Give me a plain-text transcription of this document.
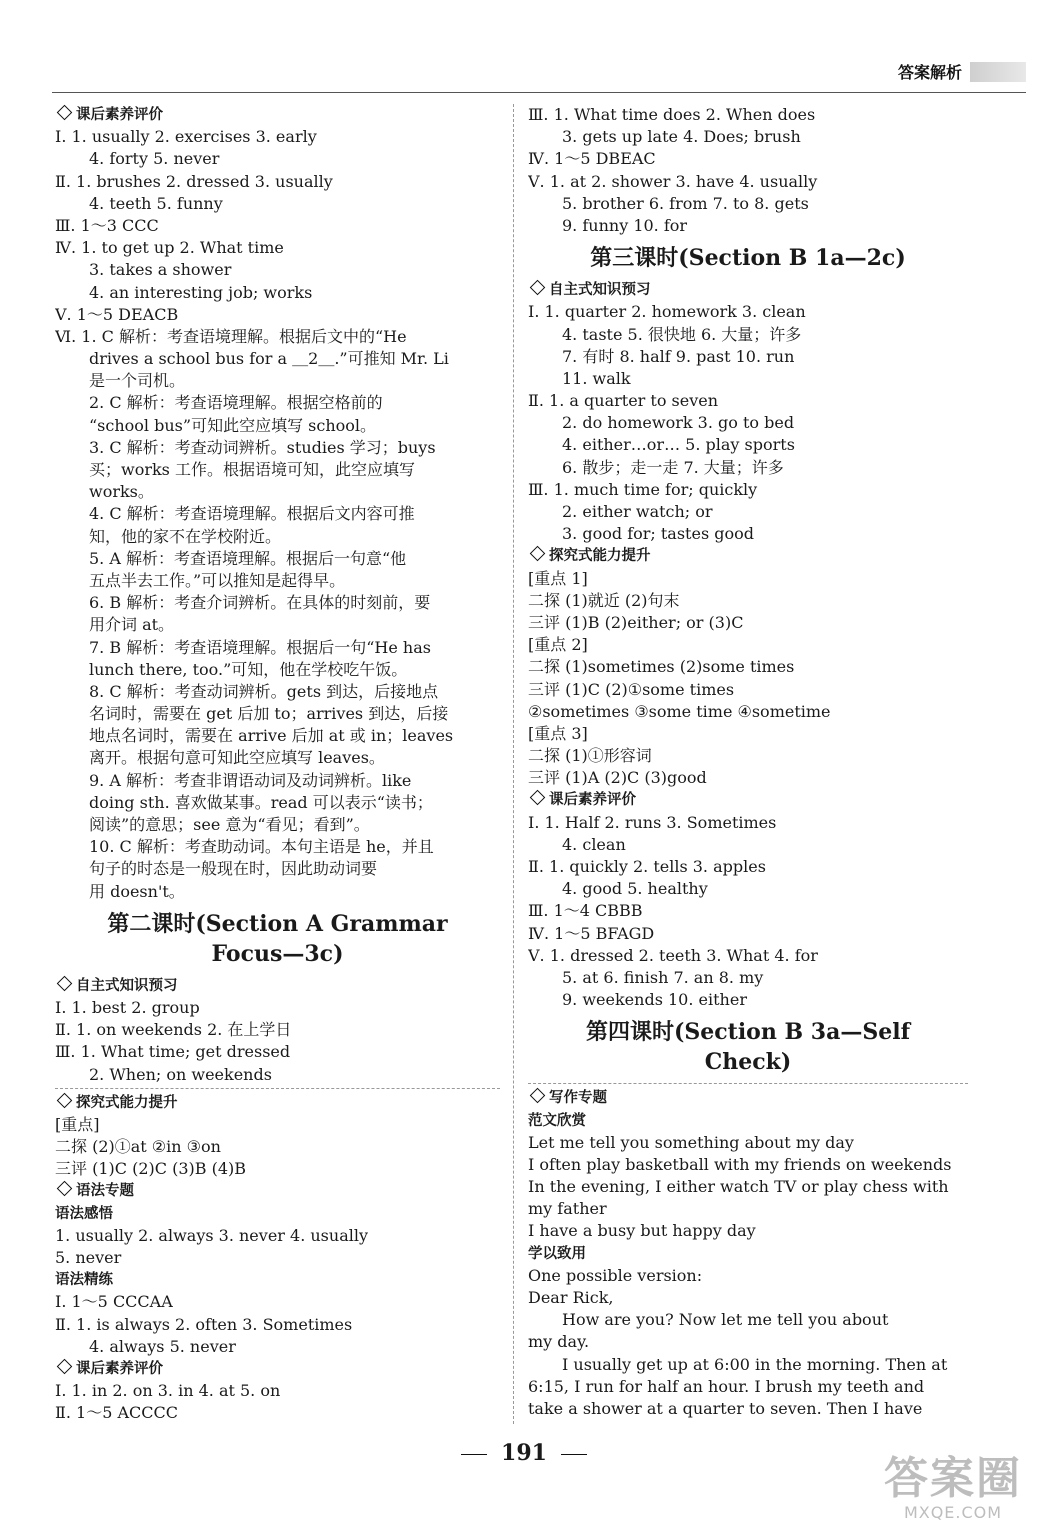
答案解析
课后素养评价
Ⅰ. 1. usually 2. exercises 3. early
4. forty 5. never
Ⅱ. 1. brushes 2. dressed 3. usually
4. teeth 5. funny
Ⅲ. 1～3 CCC
Ⅳ. 1. to get up 2. What time
3. takes a shower
4. an interesting job; works
Ⅴ. 1～5 DEACB
Ⅵ. 1. C 解析：考查语境理解。根据后文中的“He
drives a school bus for a ＿2＿.”可推知 Mr. Li
是一个司机。
2. C 解析：考查语境理解。根据空格前的
“school bus”可知此空应填写 school。
3. C 解析：考查动词辨析。studies 学习；buys
买；works 工作。根据语境可知，此空应填写
works。
4. C 解析：考查语境理解。根据后文内容可推
知，他的家不在学校附近。
5. A 解析：考查语境理解。根据后一句意“他
五点半去工作。”可以推知是起得早。
6. B 解析：考查介词辨析。在具体的时刻前，要
用介词 at。
7. B 解析：考查语境理解。根据后一句“He has
lunch there, too.”可知，他在学校吃午饭。
8. C 解析：考查动词辨析。gets 到达，后接地点
名词时，需要在 get 后加 to；arrives 到达，后接
地点名词时，需要在 arrive 后加 at 或 in；leaves
离开。根据句意可知此空应填写 leaves。
9. A 解析：考查非谓语动词及动词辨析。like
doing sth. 喜欢做某事。read 可以表示“读书；
阅读”的意思；see 意为“看见；看到”。
10. C 解析：考查助动词。本句主语是 he，并且
句子的时态是一般现在时，因此助动词要
用 doesn't。
第二课时(Section A Grammar
Focus—3c)
自主式知识预习
Ⅰ. 1. best 2. group
Ⅱ. 1. on weekends 2. 在上学日
Ⅲ. 1. What time; get dressed
2. When; on weekends
探究式能力提升
[重点]
二探 (2)①at ②in ③on
三评 (1)C (2)C (3)B (4)B
语法专题
语法感悟
1. usually 2. always 3. never 4. usually
5. never
语法精练
Ⅰ. 1～5 CCCAA
Ⅱ. 1. is always 2. often 3. Sometimes
4. always 5. never
课后素养评价
Ⅰ. 1. in 2. on 3. in 4. at 5. on
Ⅱ. 1～5 ACCCC
Ⅲ. 1. What time does 2. When does
3. gets up late 4. Does; brush
Ⅳ. 1～5 DBEAC
Ⅴ. 1. at 2. shower 3. have 4. usually
5. brother 6. from 7. to 8. gets
9. funny 10. for
第三课时(Section B 1a—2c)
自主式知识预习
Ⅰ. 1. quarter 2. homework 3. clean
4. taste 5. 很快地 6. 大量；许多
7. 有时 8. half 9. past 10. run
11. walk
Ⅱ. 1. a quarter to seven
2. do homework 3. go to bed
4. either…or… 5. play sports
6. 散步；走一走 7. 大量；许多
Ⅲ. 1. much time for; quickly
2. either watch; or
3. good for; tastes good
探究式能力提升
[重点 1]
二探 (1)就近 (2)句末
三评 (1)B (2)either; or (3)C
[重点 2]
二探 (1)sometimes (2)some times
三评 (1)C (2)①some times
②sometimes ③some time ④sometime
[重点 3]
二探 (1)①形容词
三评 (1)A (2)C (3)good
课后素养评价
Ⅰ. 1. Half 2. runs 3. Sometimes
4. clean
Ⅱ. 1. quickly 2. tells 3. apples
4. good 5. healthy
Ⅲ. 1～4 CBBB
Ⅳ. 1～5 BFAGD
Ⅴ. 1. dressed 2. teeth 3. What 4. for
5. at 6. finish 7. an 8. my
9. weekends 10. either
第四课时(Section B 3a—Self
Check)
写作专题
范文欣赏
Let me tell you something about my day
I often play basketball with my friends on weekends
In the evening, I either watch TV or play chess with
my father
I have a busy but happy day
学以致用
One possible version:
Dear Rick,
How are you? Now let me tell you about
my day.
I usually get up at 6:00 in the morning. Then at
6:15, I run for half an hour. I brush my teeth and
take a shower at a quarter to seven. Then I have
191	答案圈
MXQE.COM
